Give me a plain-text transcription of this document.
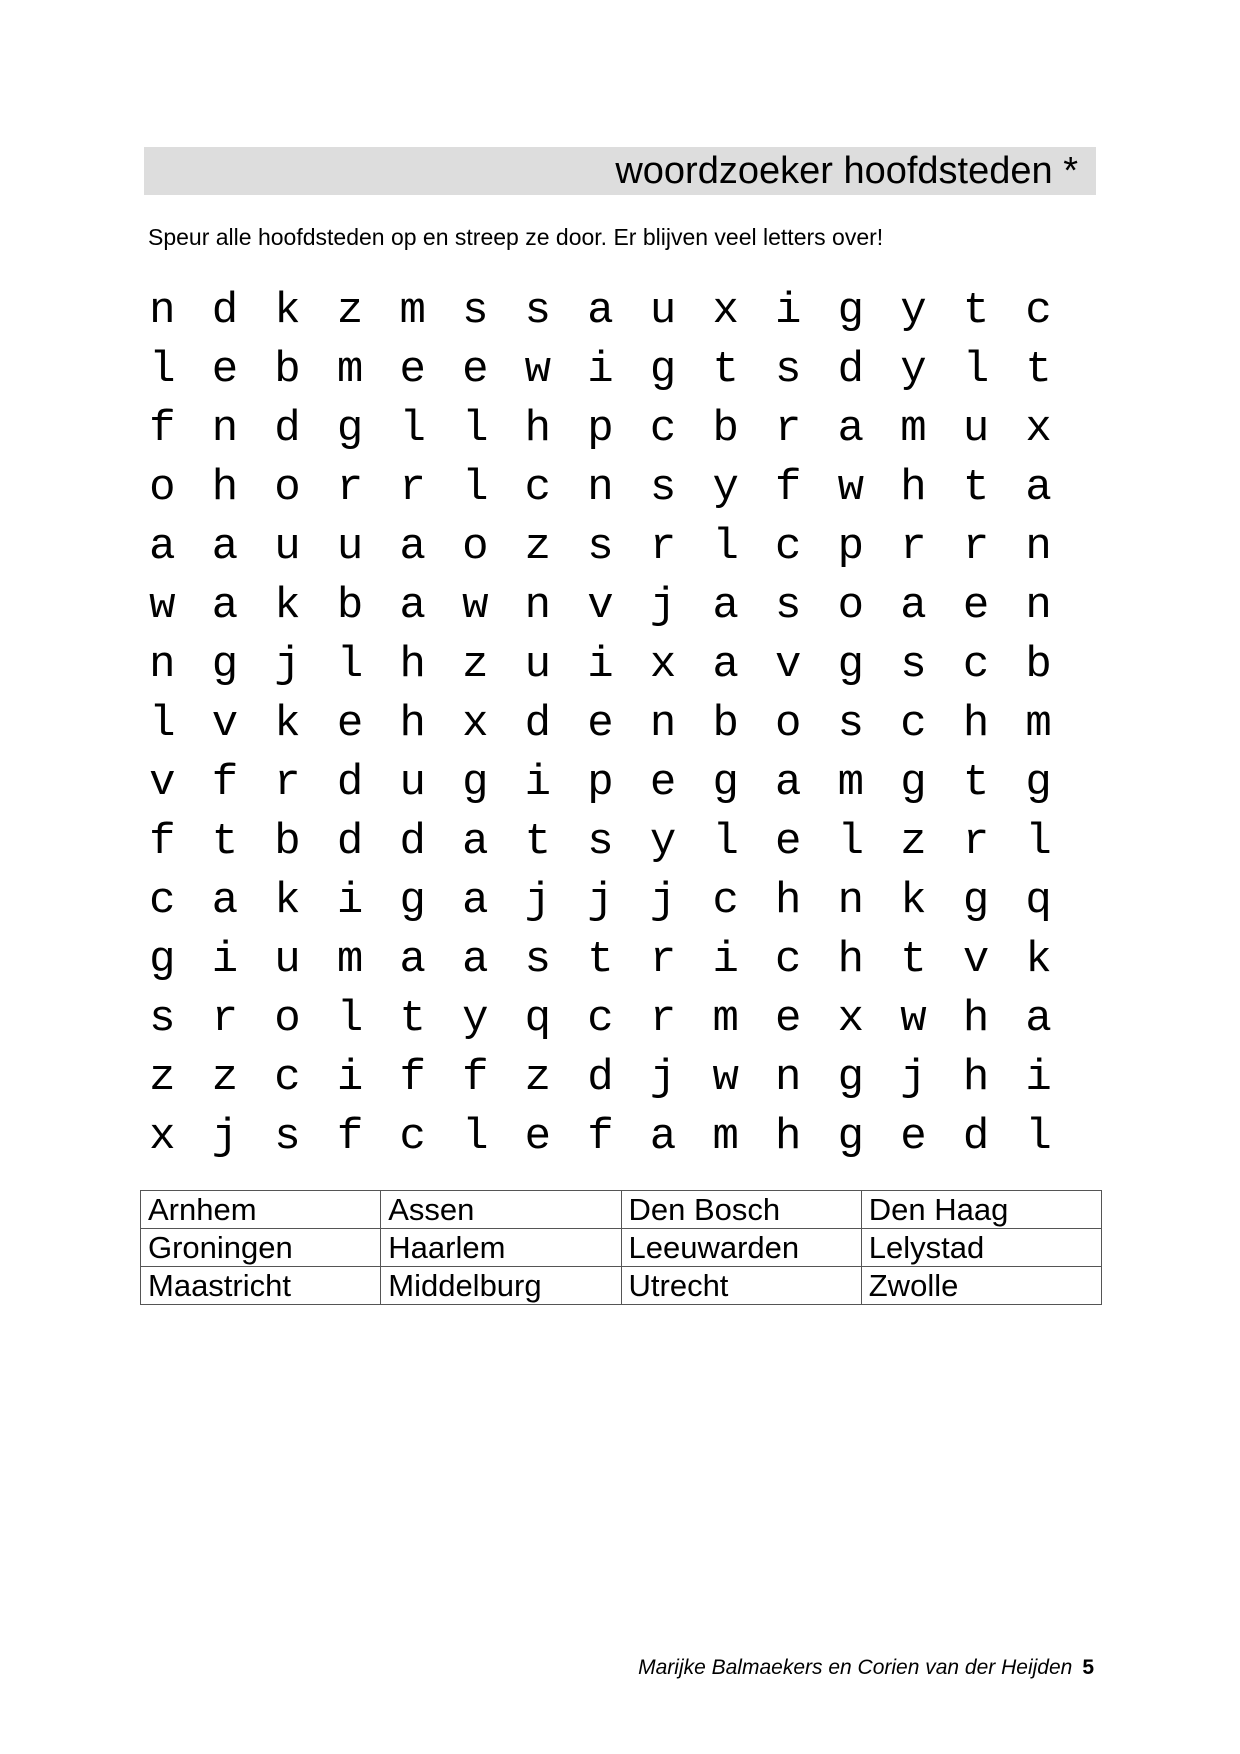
woordzoeker hoofdsteden *
Speur alle hoofdsteden op en streep ze door. Er blijven veel letters over!
n d k z m s s a u x i g y t c
l e b m e e w i g t s d y l t
f n d g l l h p c b r a m u x
o h o r r l c n s y f w h t a
a a u u a o z s r l c p r r n
w a k b a w n v j a s o a e n
n g j l h z u i x a v g s c b
l v k e h x d e n b o s c h m
v f r d u g i p e g a m g t g
f t b d d a t s y l e l z r l
c a k i g a j j j c h n k g q
g i u m a a s t r i c h t v k
s r o l t y q c r m e x w h a
z z c i f f z d j w n g j h i
x j s f c l e f a m h g e d l
Arnhem	Assen	Den Bosch	Den Haag
Groningen	Haarlem	Leeuwarden	Lelystad
Maastricht	Middelburg	Utrecht	Zwolle
Marijke Balmaekers en Corien van der Heijden 5
